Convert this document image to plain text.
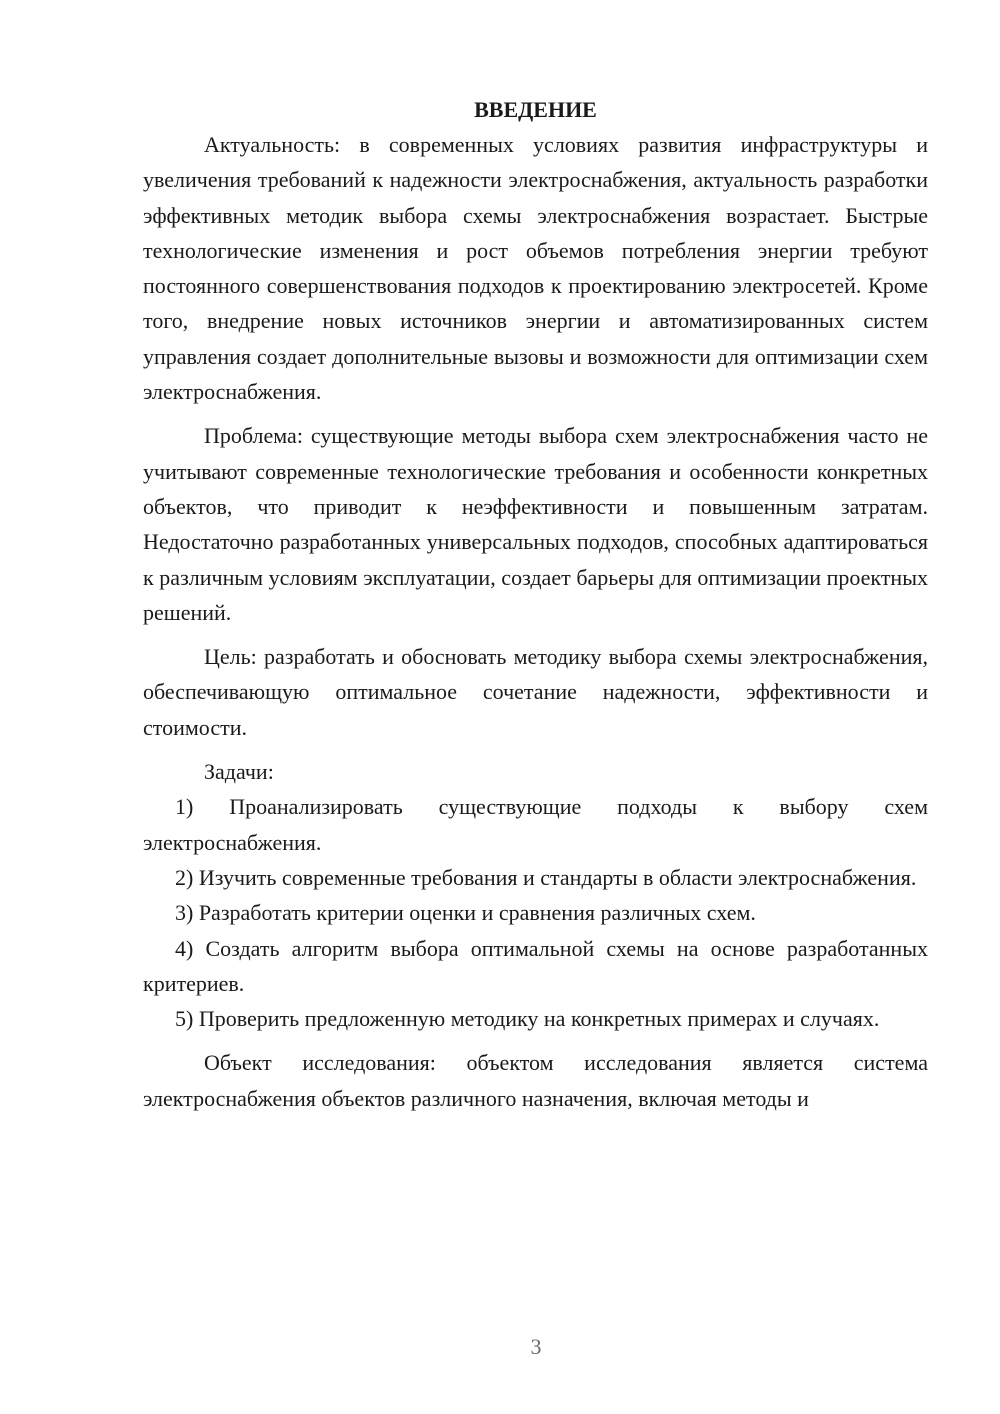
ВВЕДЕНИЕ

Актуальность: в современных условиях развития инфраструктуры и увеличения требований к надежности электроснабжения, актуальность разработки эффективных методик выбора схемы электроснабжения возрастает. Быстрые технологические изменения и рост объемов потребления энергии требуют постоянного совершенствования подходов к проектированию электросетей. Кроме того, внедрение новых источников энергии и автоматизированных систем управления создает дополнительные вызовы и возможности для оптимизации схем электроснабжения.

Проблема: существующие методы выбора схем электроснабжения часто не учитывают современные технологические требования и особенности конкретных объектов, что приводит к неэффективности и повышенным затратам. Недостаточно разработанных универсальных подходов, способных адаптироваться к различным условиям эксплуатации, создает барьеры для оптимизации проектных решений.

Цель: разработать и обосновать методику выбора схемы электроснабжения, обеспечивающую оптимальное сочетание надежности, эффективности и стоимости.

Задачи:

1) Проанализировать существующие подходы к выбору схем электроснабжения.

2) Изучить современные требования и стандарты в области электроснабжения.

3) Разработать критерии оценки и сравнения различных схем.

4) Создать алгоритм выбора оптимальной схемы на основе разработанных критериев.

5) Проверить предложенную методику на конкретных примерах и случаях.

Объект исследования: объектом исследования является система электроснабжения объектов различного назначения, включая методы и

3
